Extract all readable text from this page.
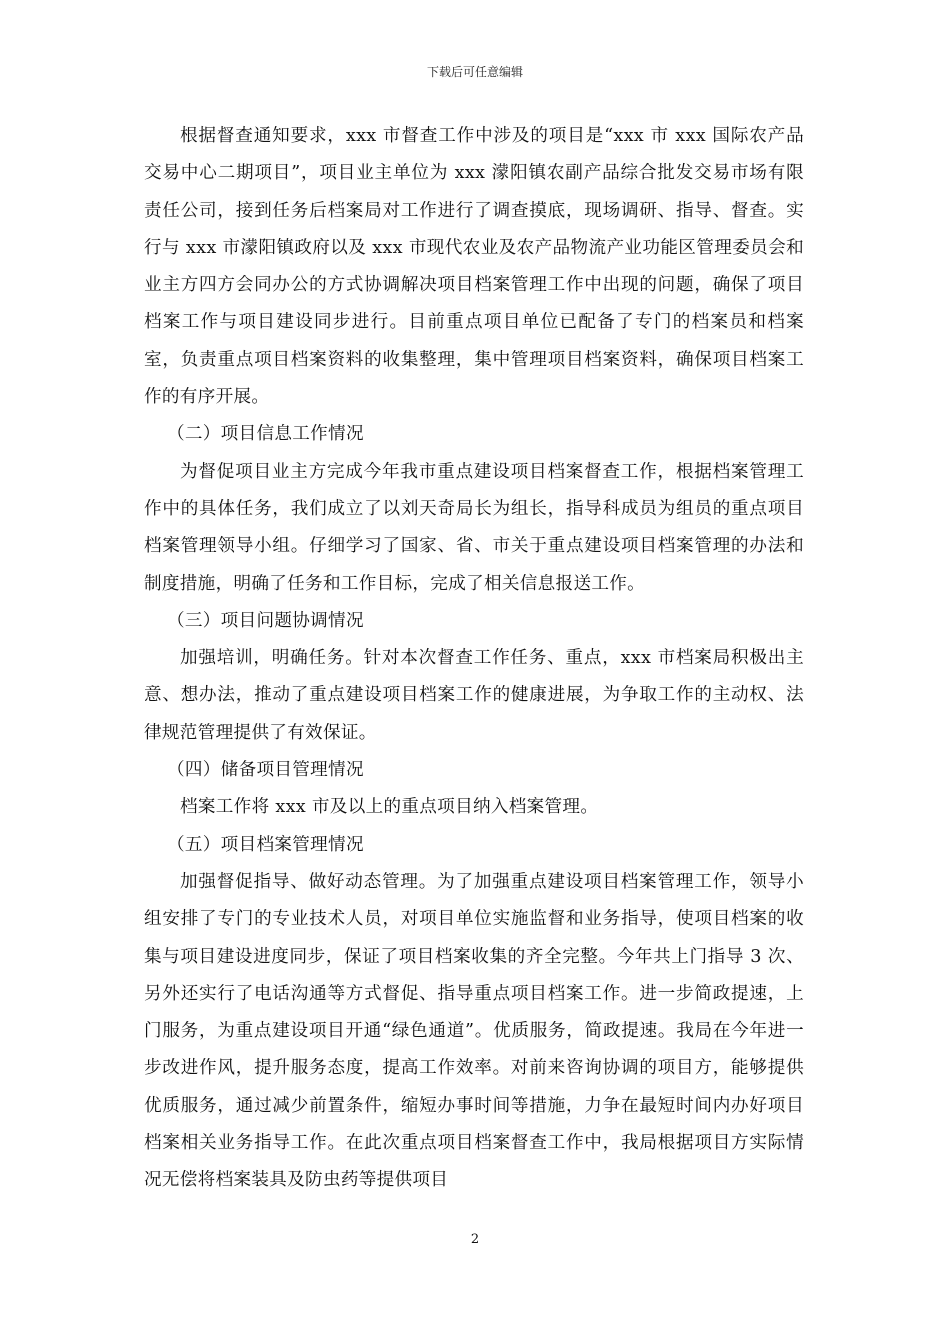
下载后可任意编辑

根据督查通知要求，xxx 市督查工作中涉及的项目是“xxx 市 xxx 国际农产品交易中心二期项目”，项目业主单位为 xxx 濛阳镇农副产品综合批发交易市场有限责任公司，接到任务后档案局对工作进行了调查摸底，现场调研、指导、督查。实行与 xxx 市濛阳镇政府以及 xxx 市现代农业及农产品物流产业功能区管理委员会和业主方四方会同办公的方式协调解决项目档案管理工作中出现的问题，确保了项目档案工作与项目建设同步进行。目前重点项目单位已配备了专门的档案员和档案室，负责重点项目档案资料的收集整理，集中管理项目档案资料，确保项目档案工作的有序开展。

（二）项目信息工作情况

为督促项目业主方完成今年我市重点建设项目档案督查工作，根据档案管理工作中的具体任务，我们成立了以刘天奇局长为组长，指导科成员为组员的重点项目档案管理领导小组。仔细学习了国家、省、市关于重点建设项目档案管理的办法和制度措施，明确了任务和工作目标，完成了相关信息报送工作。

（三）项目问题协调情况

加强培训，明确任务。针对本次督查工作任务、重点，xxx 市档案局积极出主意、想办法，推动了重点建设项目档案工作的健康进展，为争取工作的主动权、法律规范管理提供了有效保证。

（四）储备项目管理情况

档案工作将 xxx 市及以上的重点项目纳入档案管理。

（五）项目档案管理情况

加强督促指导、做好动态管理。为了加强重点建设项目档案管理工作，领导小组安排了专门的专业技术人员，对项目单位实施监督和业务指导，使项目档案的收集与项目建设进度同步，保证了项目档案收集的齐全完整。今年共上门指导 3 次、另外还实行了电话沟通等方式督促、指导重点项目档案工作。进一步简政提速，上门服务，为重点建设项目开通“绿色通道”。优质服务，简政提速。我局在今年进一步改进作风，提升服务态度，提高工作效率。对前来咨询协调的项目方，能够提供优质服务，通过减少前置条件，缩短办事时间等措施，力争在最短时间内办好项目档案相关业务指导工作。在此次重点项目档案督查工作中，我局根据项目方实际情况无偿将档案装具及防虫药等提供项目

2
